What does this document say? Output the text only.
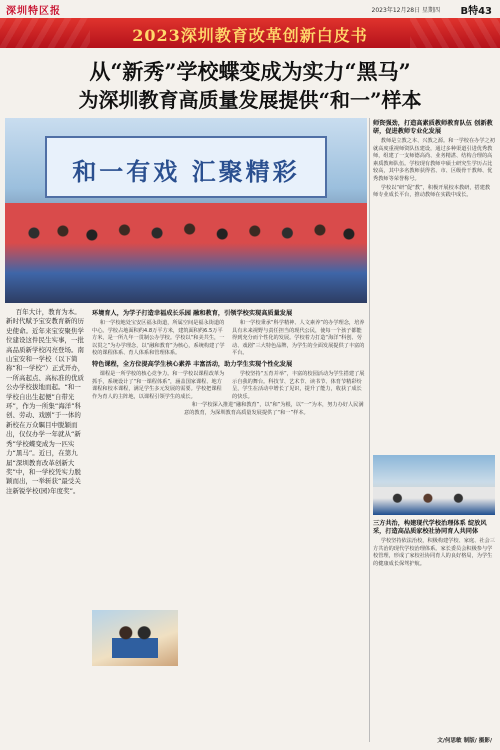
深圳特区报	2023年12月28日 星期四 B特43
2023深圳教育改革创新白皮书
从“新秀”学校蝶变成为实力“黑马”
为深圳教育高质量发展提供“和一”样本
和一有戏 汇聚精彩

百年大计，教育为本。新时代赋予宝安教育新的历史使命。近年来宝安聚焦学位建设这件民生实事，一批高品质新学校闪亮登场。南山宝安和一学校（以下简称“和一学校”）正式开办，一所高起点、高标准的优质公办学校拔地而起。“和一学校自出生起便”自带光环”，作为一所集“海洋”科创、劳动、戏剧”于一体的新校在万众瞩目中脱颖而出，仅仅办学一年就从“新秀”学校蝶变成为一匹实力“黑马”。近日，在第九届“深圳教育改革创新大奖”中，和一学校凭实力脱颖而出，一举斩获“最受关注新锐学校(园)年度奖”。

环境育人，为学子打造幸福成长乐园 融和教育，引领学校实现高质量发展

和一学校地处宝安区福永街道，所属空间是福永街道的中心。学校占地面积约4.8万平方米，建筑面积约6.5万平方米，是一所九年一贯制公办学校。学校以“和美共生，一以贯之”为办学理念，以“融和教育”为核心，系统构建了学校的课程体系、育人体系和管理体系。

和一学校秉承“科学精神、人文素养”的办学理念，培养具有未来视野与责任担当的现代公民，使每一个孩子都能得到充分而个性化的发展。学校着力打造“海洋”科创、劳动、戏剧”三大特色品牌，为学生的全面发展提供了丰富的平台。

特色课程，全方位提高学生核心素养 丰富活动，助力学生实现个性化发展

课程是一所学校的核心竞争力。和一学校以课程改革为抓手，系统设计了“和一课程体系”，涵盖国家课程、地方课程和校本课程，满足学生多元发展的需要。学校把课程作为育人的主阵地，以课程引领学生的成长。

学校坚持“五育并举”，丰富的校园活动为学生搭建了展示自我的舞台。科技节、艺术节、读书节、体育节精彩纷呈，学生在活动中增长了见识，提升了能力，收获了成长的快乐。

和一学校深入推进“融和教育”，以“和”为根，以“一”为本，努力办好人民满意的教育，为深圳教育高质量发展提供了“和一”样本。

师资强劲，打造高素质教师教育队伍 创新教研，促进教师专业化发展

教师是立教之本、兴教之源。和一学校在办学之初就高度重视师资队伍建设，通过多种渠道引进优秀教师，组建了一支师德高尚、业务精湛、结构合理的高素质教师队伍。学校现有教师中硕士研究生学历占比较高，其中多名教师获得省、市、区级骨干教师、优秀教师等荣誉称号。

学校以“研”促“教”，积极开展校本教研，搭建教师专业成长平台，推动教师在实践中成长。

三方共治，构建现代学校治理体系 绽放风采，打造高品质家校社协同育人共同体

学校坚持依法治校，积极构建学校、家庭、社会三方共治的现代学校治理体系。家长委员会积极参与学校管理，形成了家校社协同育人的良好格局，为学生的健康成长保驾护航。

文/何思敏 制版/ 摄影/
